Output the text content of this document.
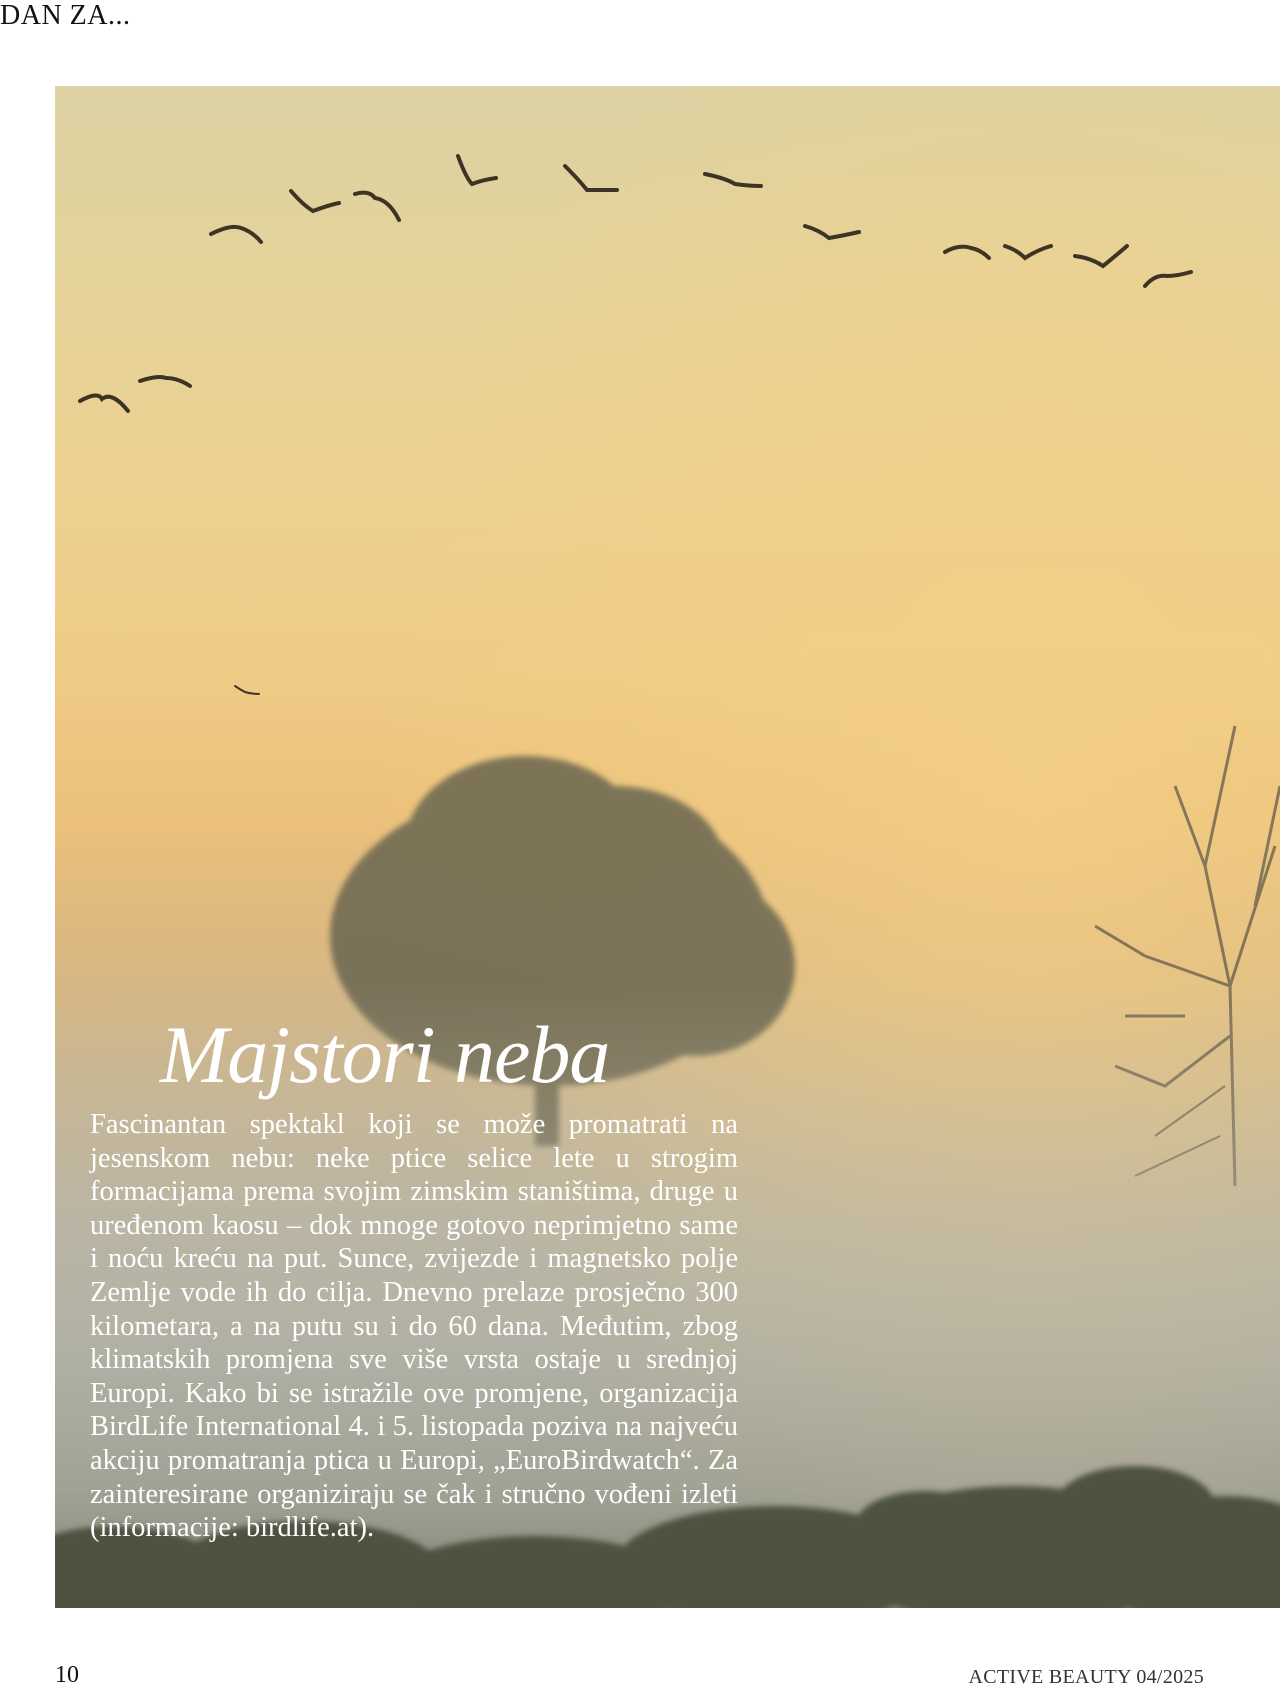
DAN ZA...
Majstori neba
Fascinantan spektakl koji se može promatrati na jesenskom nebu: neke ptice selice lete u strogim formacijama prema svojim zimskim staništima, druge u uređenom kaosu – dok mnoge gotovo neprimjetno same i noću kreću na put. Sunce, zvijezde i magnetsko polje Zemlje vode ih do cilja. Dnevno prelaze prosječno 300 kilometara, a na putu su i do 60 dana. Međutim, zbog klimatskih promjena sve više vrsta ostaje u srednjoj Europi. Kako bi se istražile ove promjene, organizacija BirdLife International 4. i 5. listopada poziva na najveću akciju promatranja ptica u Europi, „EuroBirdwatch“. Za zainteresirane organiziraju se čak i stručno vođeni izleti (informacije: birdlife.at).
10	ACTIVE BEAUTY 04/2025
